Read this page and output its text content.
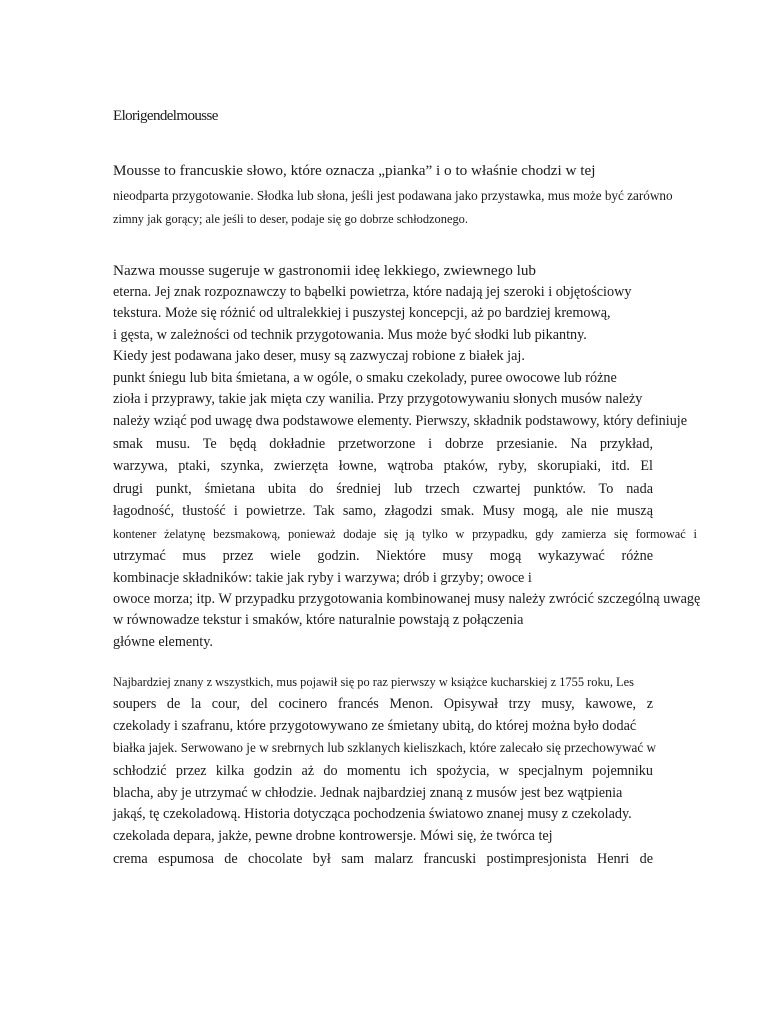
Elorigendelmousse
Mousse to francuskie słowo, które oznacza „pianka” i o to właśnie chodzi w tej
nieodparta przygotowanie. Słodka lub słona, jeśli jest podawana jako przystawka, mus może być zarówno
zimny jak gorący; ale jeśli to deser, podaje się go dobrze schłodzonego.
Nazwa mousse sugeruje w gastronomii ideę lekkiego, zwiewnego lub
eterna. Jej znak rozpoznawczy to bąbelki powietrza, które nadają jej szeroki i objętościowy
tekstura. Może się różnić od ultralekkiej i puszystej koncepcji, aż po bardziej kremową,
i gęsta, w zależności od technik przygotowania. Mus może być słodki lub pikantny.
Kiedy jest podawana jako deser, musy są zazwyczaj robione z białek jaj.
punkt śniegu lub bita śmietana, a w ogóle, o smaku czekolady, puree owocowe lub różne
zioła i przyprawy, takie jak mięta czy wanilia. Przy przygotowywaniu słonych musów należy
należy wziąć pod uwagę dwa podstawowe elementy. Pierwszy, składnik podstawowy, który definiuje
smak musu. Te będą dokładnie przetworzone i dobrze przesianie. Na przykład,
warzywa, ptaki, szynka, zwierzęta łowne, wątroba ptaków, ryby, skorupiaki, itd. El
drugi punkt, śmietana ubita do średniej lub trzech czwartej punktów. To nada
łagodność, tłustość i powietrze. Tak samo, złagodzi smak. Musy mogą, ale nie muszą
kontener żelatynę bezsmakową, ponieważ dodaje się ją tylko w przypadku, gdy zamierza się formować i
utrzymać mus przez wiele godzin. Niektóre musy mogą wykazywać różne
kombinacje składników: takie jak ryby i warzywa; drób i grzyby; owoce i
owoce morza; itp. W przypadku przygotowania kombinowanej musy należy zwrócić szczególną uwagę
w równowadze tekstur i smaków, które naturalnie powstają z połączenia
główne elementy.
Najbardziej znany z wszystkich, mus pojawił się po raz pierwszy w książce kucharskiej z 1755 roku, Les
soupers de la cour, del cocinero francés Menon. Opisywał trzy musy, kawowe, z
czekolady i szafranu, które przygotowywano ze śmietany ubitą, do której można było dodać
białka jajek. Serwowano je w srebrnych lub szklanych kieliszkach, które zalecało się przechowywać w
schłodzić przez kilka godzin aż do momentu ich spożycia, w specjalnym pojemniku
blacha, aby je utrzymać w chłodzie. Jednak najbardziej znaną z musów jest bez wątpienia
jakąś, tę czekoladową. Historia dotycząca pochodzenia światowo znanej musy z czekolady.
czekolada depara, jakże, pewne drobne kontrowersje. Mówi się, że twórca tej
crema espumosa de chocolate był sam malarz francuski postimpresjonista Henri de
